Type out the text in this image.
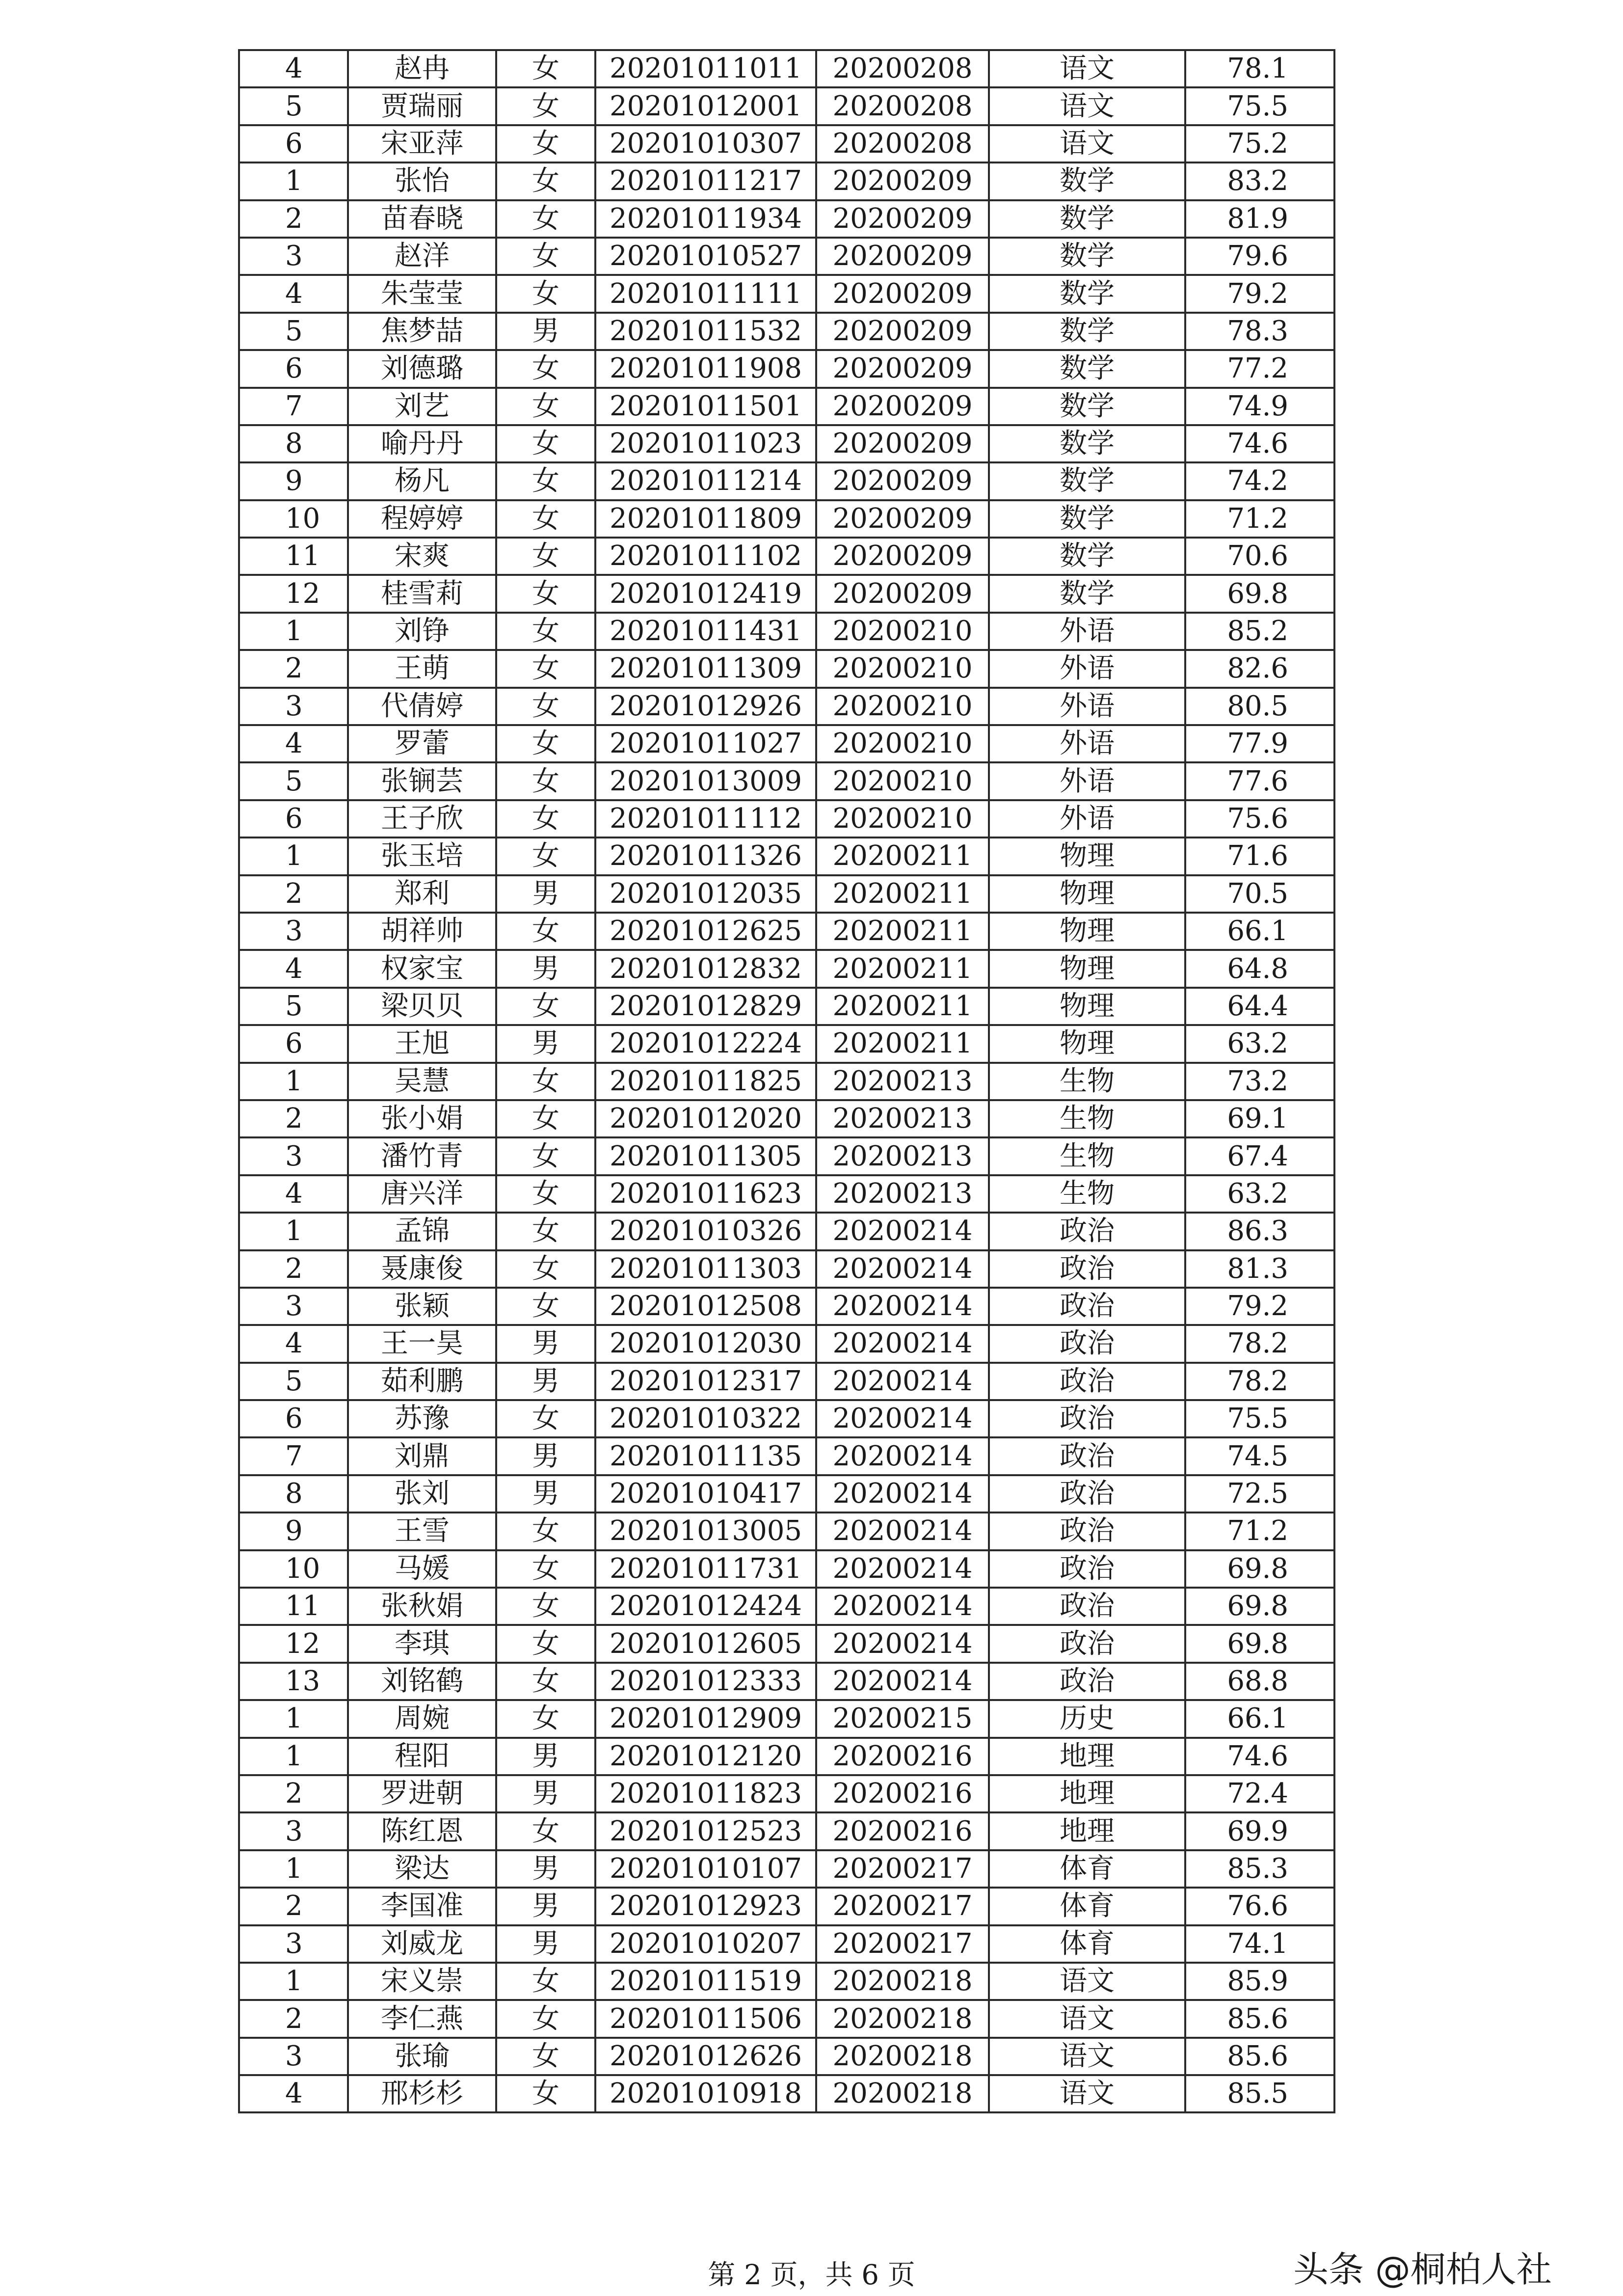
4	赵冉	女	20201011011	20200208	语文	78.1
5	贾瑞丽	女	20201012001	20200208	语文	75.5
6	宋亚萍	女	20201010307	20200208	语文	75.2
1	张怡	女	20201011217	20200209	数学	83.2
2	苗春晓	女	20201011934	20200209	数学	81.9
3	赵洋	女	20201010527	20200209	数学	79.6
4	朱莹莹	女	20201011111	20200209	数学	79.2
5	焦梦喆	男	20201011532	20200209	数学	78.3
6	刘德璐	女	20201011908	20200209	数学	77.2
7	刘艺	女	20201011501	20200209	数学	74.9
8	喻丹丹	女	20201011023	20200209	数学	74.6
9	杨凡	女	20201011214	20200209	数学	74.2
10	程婷婷	女	20201011809	20200209	数学	71.2
11	宋爽	女	20201011102	20200209	数学	70.6
12	桂雪莉	女	20201012419	20200209	数学	69.8
1	刘铮	女	20201011431	20200210	外语	85.2
2	王萌	女	20201011309	20200210	外语	82.6
3	代倩婷	女	20201012926	20200210	外语	80.5
4	罗蕾	女	20201011027	20200210	外语	77.9
5	张锎芸	女	20201013009	20200210	外语	77.6
6	王子欣	女	20201011112	20200210	外语	75.6
1	张玉培	女	20201011326	20200211	物理	71.6
2	郑利	男	20201012035	20200211	物理	70.5
3	胡祥帅	女	20201012625	20200211	物理	66.1
4	权家宝	男	20201012832	20200211	物理	64.8
5	梁贝贝	女	20201012829	20200211	物理	64.4
6	王旭	男	20201012224	20200211	物理	63.2
1	吴慧	女	20201011825	20200213	生物	73.2
2	张小娟	女	20201012020	20200213	生物	69.1
3	潘竹青	女	20201011305	20200213	生物	67.4
4	唐兴洋	女	20201011623	20200213	生物	63.2
1	孟锦	女	20201010326	20200214	政治	86.3
2	聂康俊	女	20201011303	20200214	政治	81.3
3	张颖	女	20201012508	20200214	政治	79.2
4	王一昊	男	20201012030	20200214	政治	78.2
5	茹利鹏	男	20201012317	20200214	政治	78.2
6	苏豫	女	20201010322	20200214	政治	75.5
7	刘鼎	男	20201011135	20200214	政治	74.5
8	张刘	男	20201010417	20200214	政治	72.5
9	王雪	女	20201013005	20200214	政治	71.2
10	马媛	女	20201011731	20200214	政治	69.8
11	张秋娟	女	20201012424	20200214	政治	69.8
12	李琪	女	20201012605	20200214	政治	69.8
13	刘铭鹤	女	20201012333	20200214	政治	68.8
1	周婉	女	20201012909	20200215	历史	66.1
1	程阳	男	20201012120	20200216	地理	74.6
2	罗进朝	男	20201011823	20200216	地理	72.4
3	陈红恩	女	20201012523	20200216	地理	69.9
1	梁达	男	20201010107	20200217	体育	85.3
2	李国准	男	20201012923	20200217	体育	76.6
3	刘威龙	男	20201010207	20200217	体育	74.1
1	宋义崇	女	20201011519	20200218	语文	85.9
2	李仁燕	女	20201011506	20200218	语文	85.6
3	张瑜	女	20201012626	20200218	语文	85.6
4	邢杉杉	女	20201010918	20200218	语文	85.5
第 2 页，共 6 页	头条 @桐柏人社
